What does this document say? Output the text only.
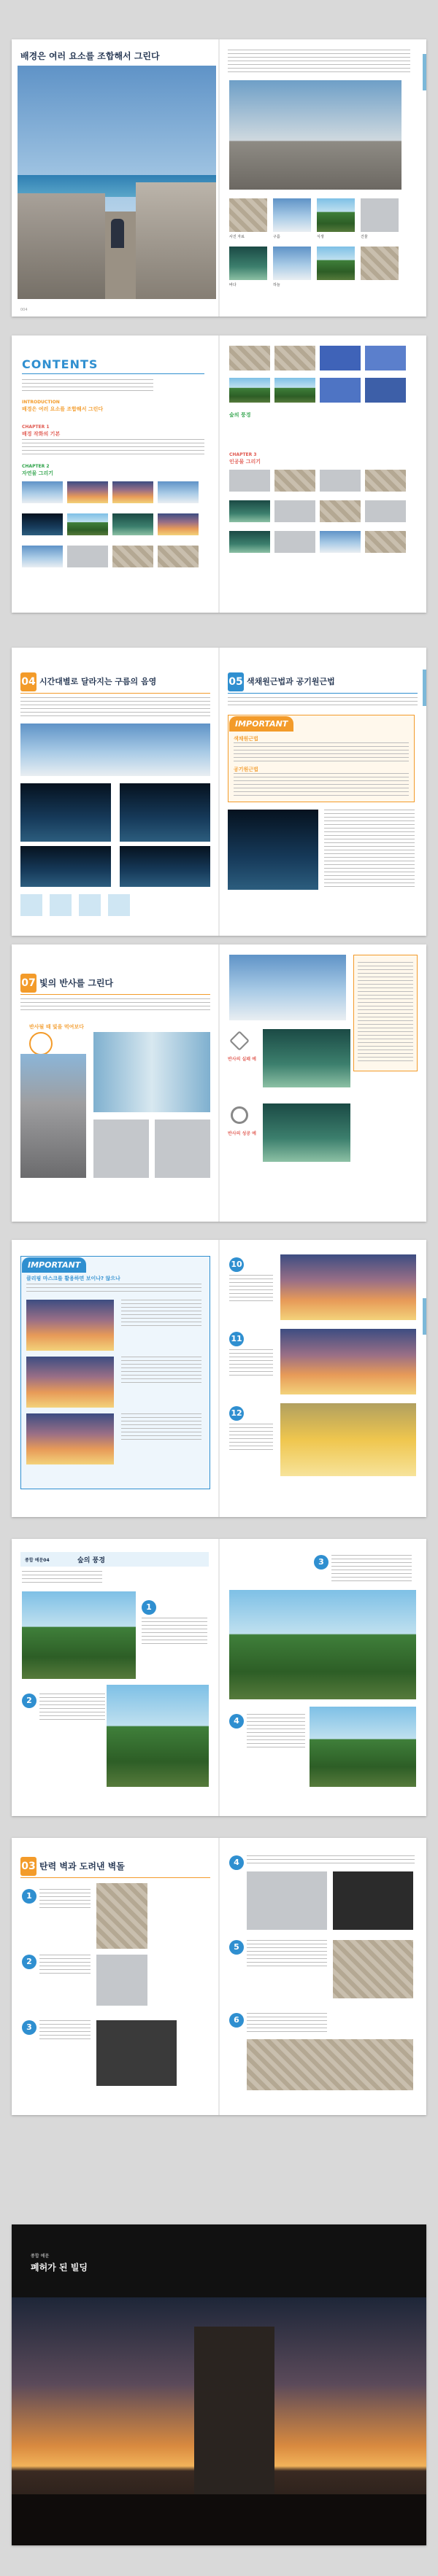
배경은 여러 요소를 조합해서 그린다
004
사진 자료	구름	식생	건물
바다	하늘
CONTENTS
INTRODUCTION
배경은 여러 요소를 조합해서 그린다
CHAPTER 1
배경 작화의 기본
CHAPTER 2
자연물 그리기
숲의 풍경
CHAPTER 3
인공물 그리기
04 시간대별로 달라지는 구름의 음영	05 색채원근법과 공기원근법
IMPORTANT
색채원근법
공기원근법
07 빛의 반사를 그린다
반사될 때 빛을 먹여보다
반사의 실패 예
반사의 성공 예
IMPORTANT
클리핑 마스크를 활용하면 보이나? 않으나
10
11
12
종합 예문04	숲의 풍경
1
2
3
4
03 탄력 벽과 도려낸 벽돌
1
2
3
4
5
6
종합 예문
폐허가 된 빌딩
